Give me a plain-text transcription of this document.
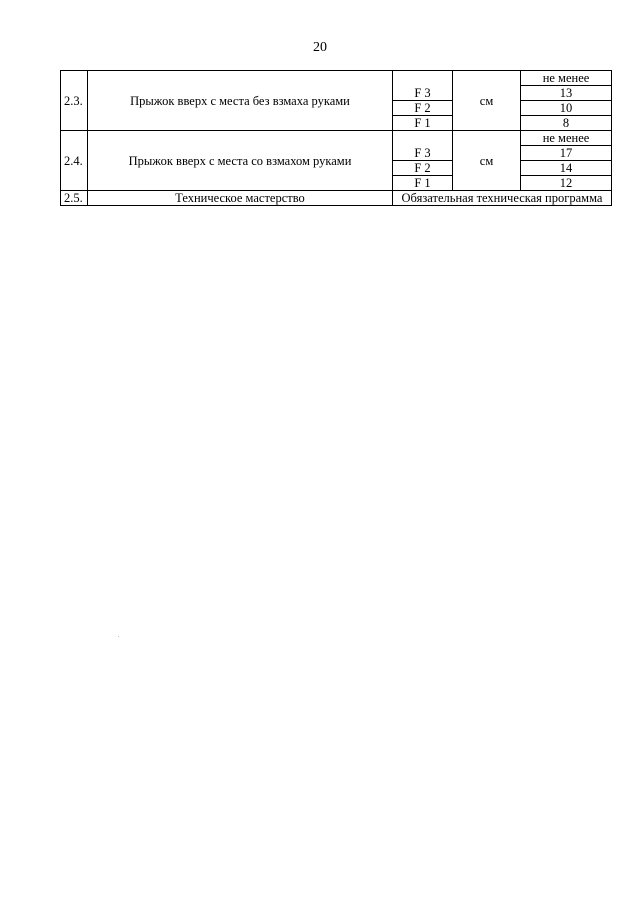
20
2.3.	Прыжок вверх с места без взмаха руками		см	не менее
		F 3		13
		F 2		10
		F 1		8
2.4.	Прыжок вверх с места со взмахом руками		см	не менее
		F 3		17
		F 2		14
		F 1		12
2.5.	Техническое мастерство	Обязательная техническая программа		
